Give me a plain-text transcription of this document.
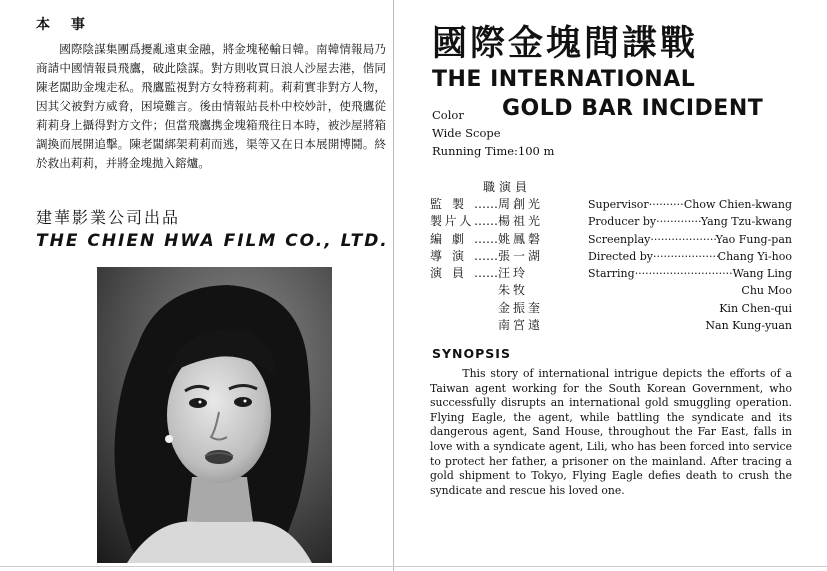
本 事

國際陰謀集團爲擾亂遠東金融，將金塊秘輸日韓。南韓情報局乃商請中國情報員飛鷹，破此陰謀。對方則收買日浪人沙屋去港，偕同陳老闆助金塊走私。飛鷹監視對方女特務莉莉。莉莉實非對方人物，因其父被對方威脅，困境難言。後由情報站長朴中校妙計，使飛鷹從莉莉身上攝得對方文件；但當飛鷹携金塊箱飛往日本時，被沙屋將箱調換而展開追擊。陳老闆綁架莉莉而逃，渠等又在日本展開博鬪。終於救出莉莉，并將金塊拋入鎔爐。

建華影業公司出品
THE CHIEN HWA FILM CO., LTD.
國際金塊間諜戰
THE INTERNATIONAL
GOLD BAR INCIDENT
Color
Wide Scope
Running Time:100 m
職演員
監 製 …… 周創光
製 片 人 …… 楊祖光
編 劇 …… 姚鳳磐
導 演 …… 張一湖
演 員 …… 汪玲
朱牧
金振奎
南宮遠
Supervisor ·····	Chow Chien-kwang
Producer by ·····	Yang Tzu-kwang
Screenplay ·····	Yao Fung-pan
Directed by ·····	Chang Yi-hoo
Starring ·····	Wang Ling
Chu Moo
Kin Chen-qui
Nan Kung-yuan
SYNOPSIS

This story of international intrigue depicts the efforts of a Taiwan agent working for the South Korean Government, who successfully disrupts an international gold smuggling operation. Flying Eagle, the agent, while battling the syndicate and its dangerous agent, Sand House, throughout the Far East, falls in love with a syndicate agent, Lili, who has been forced into service to protect her father, a prisoner on the mainland. After tracing a gold shipment to Tokyo, Flying Eagle defies death to crush the syndicate and rescue his loved one.
